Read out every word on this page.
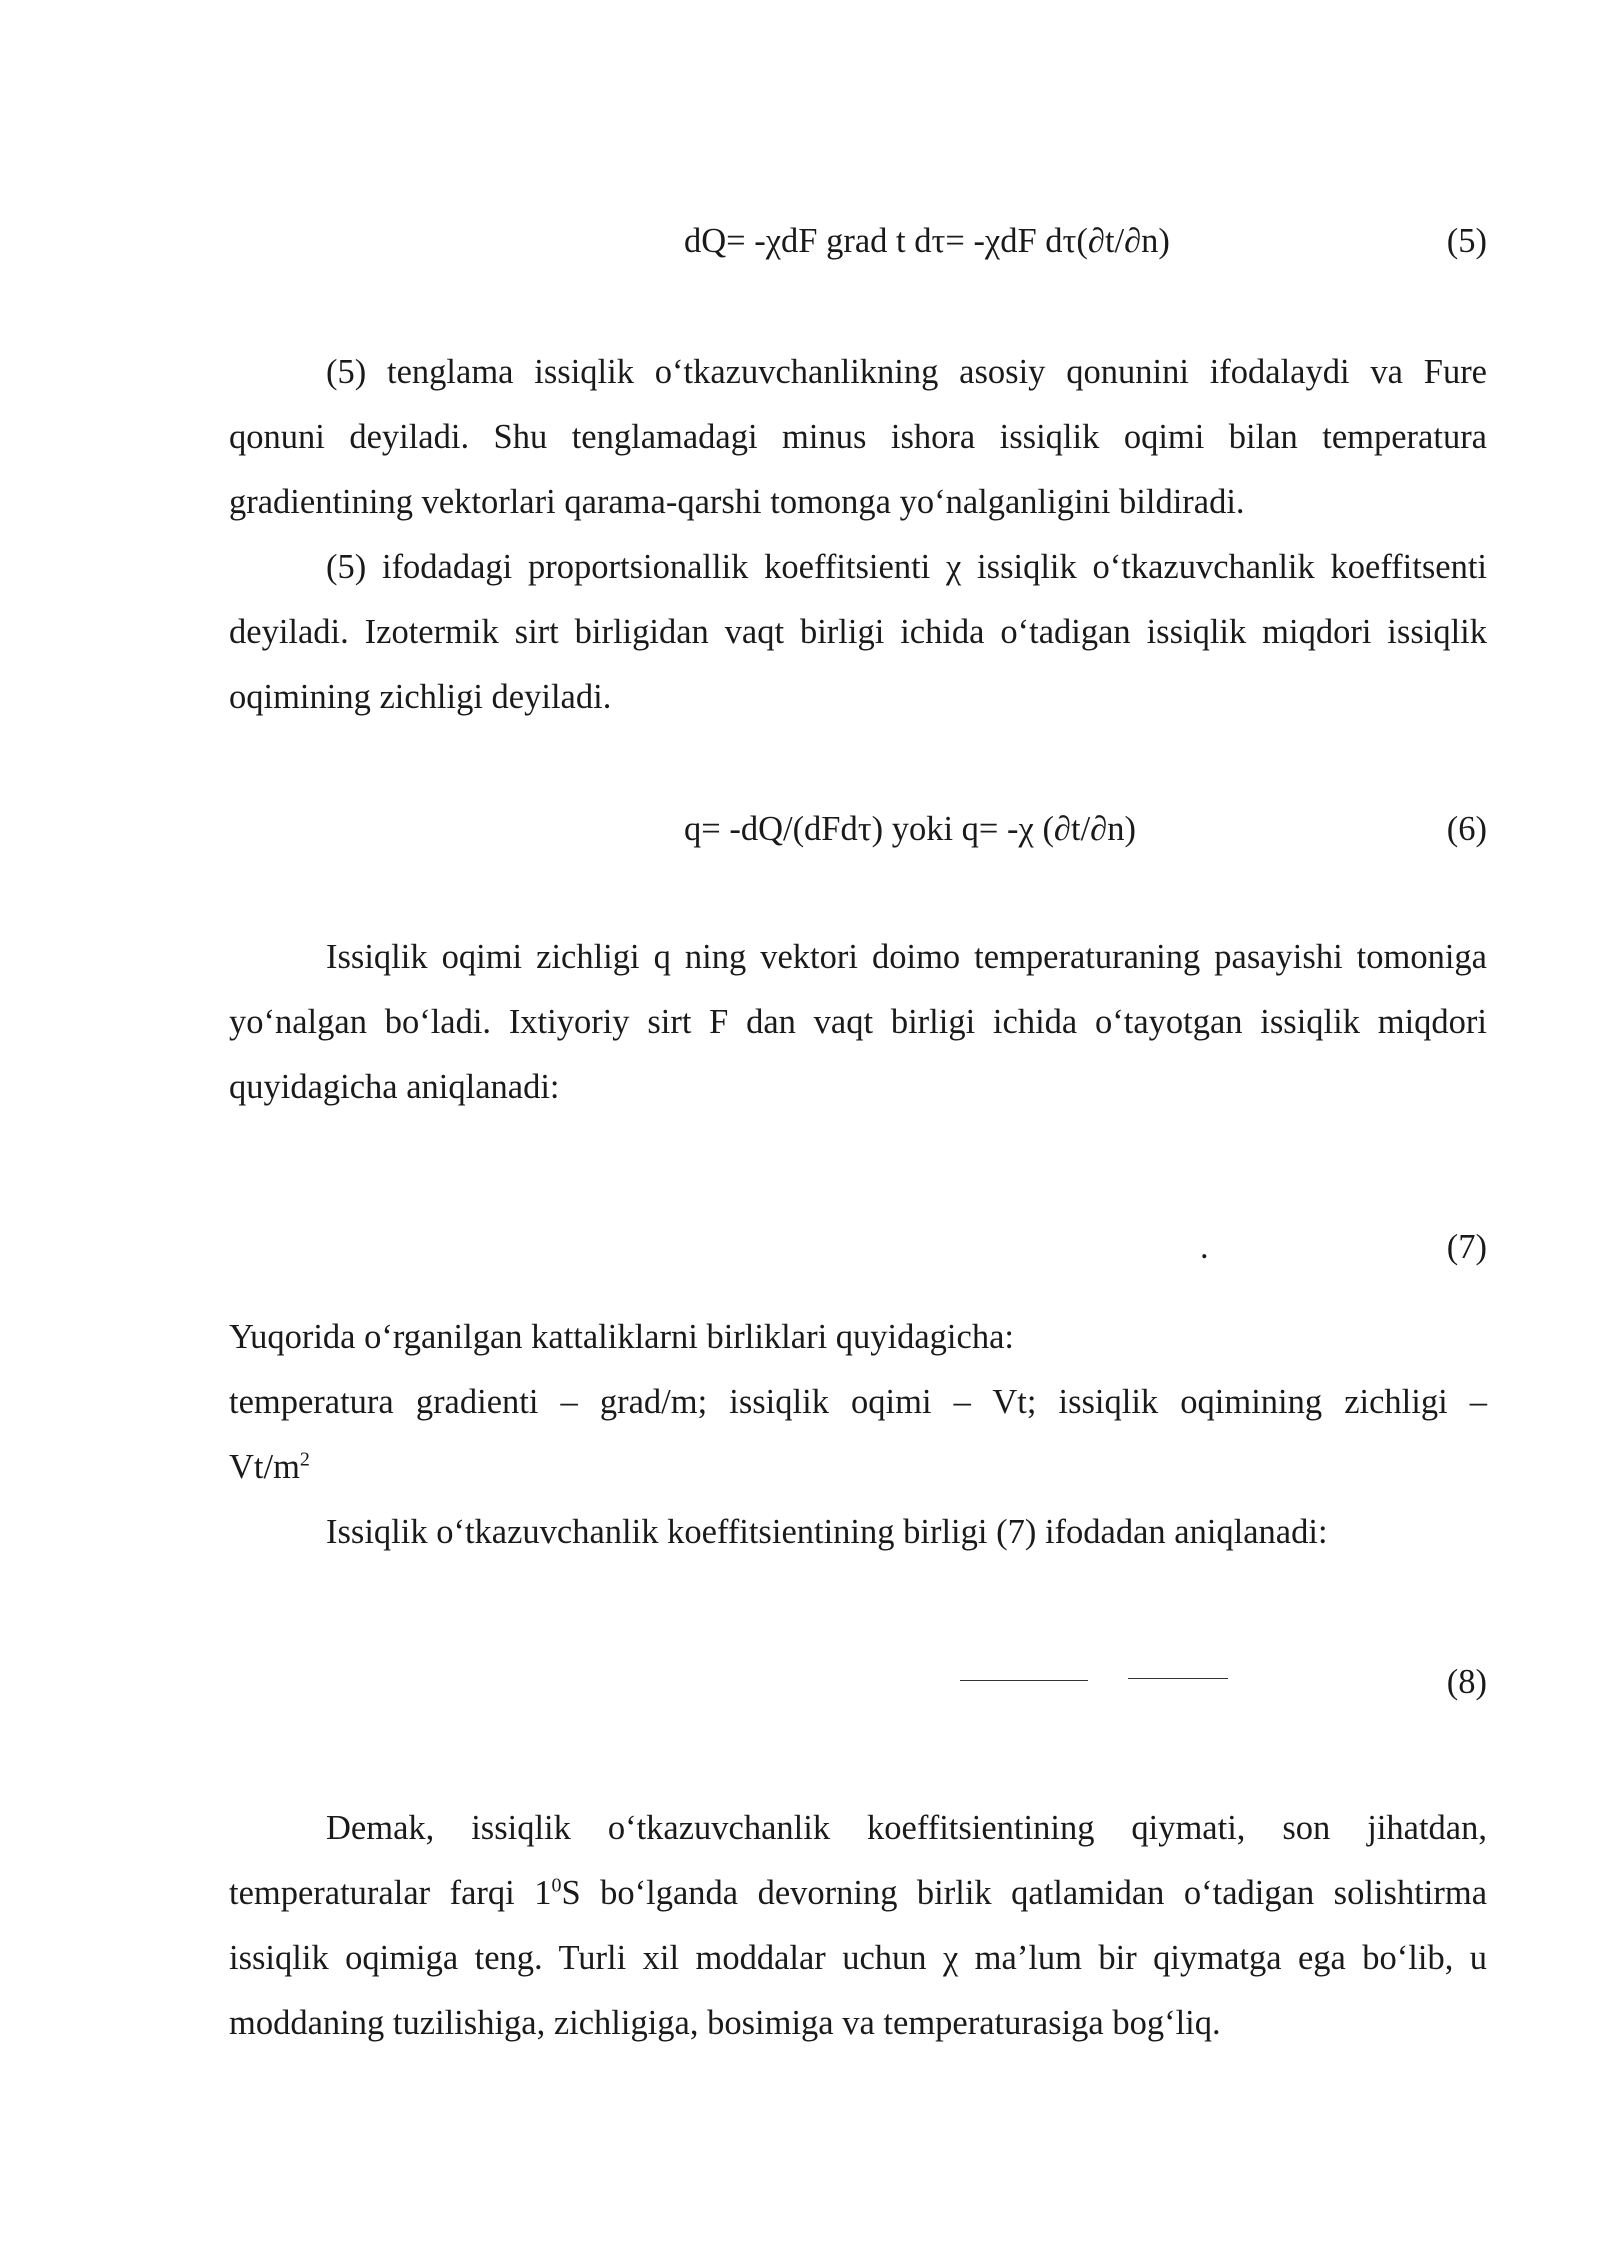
dQ= -χdF grad t dτ= -χdF dτ(∂t/∂n)	(5)

(5) tenglama issiqlik o‘tkazuvchanlikning asosiy qonunini ifodalaydi va Fure qonuni deyiladi. Shu tenglamadagi minus ishora issiqlik oqimi bilan temperatura gradientining vektorlari qarama-qarshi tomonga yo‘nalganligini bildiradi.

(5) ifodadagi proportsionallik koeffitsienti χ issiqlik o‘tkazuvchanlik koeffitsenti deyiladi. Izotermik sirt birligidan vaqt birligi ichida o‘tadigan issiqlik miqdori issiqlik oqimining zichligi deyiladi.

q= -dQ/(dFdτ) yoki q= -χ (∂t/∂n)	(6)

Issiqlik oqimi zichligi q ning vektori doimo temperaturaning pasayishi tomoniga yo‘nalgan bo‘ladi. Ixtiyoriy sirt F dan vaqt birligi ichida o‘tayotgan issiqlik miqdori quyidagicha aniqlanadi:

.	(7)
Yuqorida o‘rganilgan kattaliklarni birliklari quyidagicha:
temperatura gradienti – grad/m; issiqlik oqimi – Vt; issiqlik oqimining zichligi –
$Vt/m^2$

Issiqlik o‘tkazuvchanlik koeffitsientining birligi (7) ifodadan aniqlanadi:

(8)

Demak, issiqlik o‘tkazuvchanlik koeffitsientining qiymati, son jihatdan, temperaturalar farqi $1^0S$ bo‘lganda devorning birlik qatlamidan o‘tadigan solishtirma issiqlik oqimiga teng. Turli xil moddalar uchun χ ma’lum bir qiymatga ega bo‘lib, u moddaning tuzilishiga, zichligiga, bosimiga va temperaturasiga bog‘liq.
